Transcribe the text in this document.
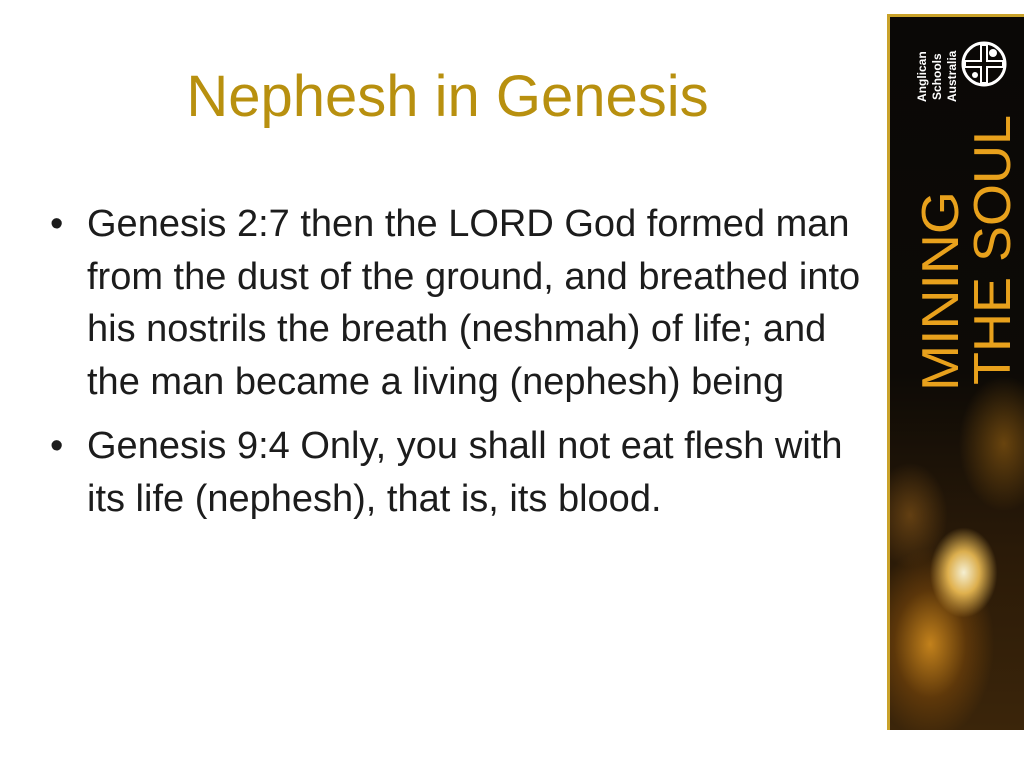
Nephesh in Genesis
• Genesis 2:7 then the LORD God formed man from the dust of the ground, and breathed into his nostrils the breath (neshmah) of life; and the man became a living (nephesh) being
• Genesis 9:4 Only, you shall not eat flesh with its life (nephesh), that is, its blood.
Anglican Schools Australia
MINING
THE SOUL
